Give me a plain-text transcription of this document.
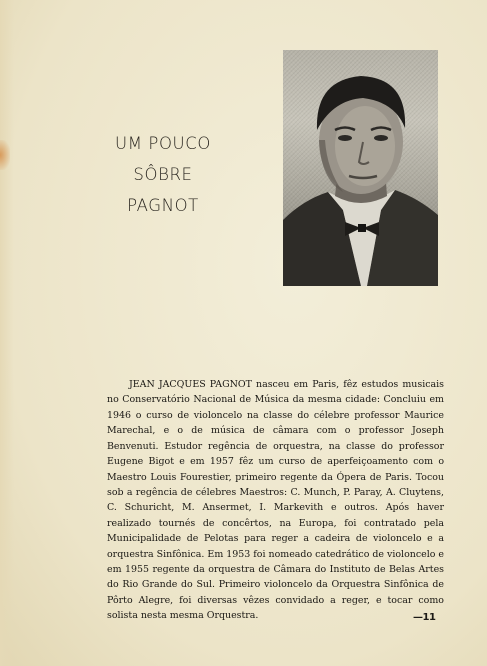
UM POUCO
SÔBRE
PAGNOT
JEAN JACQUES PAGNOT nasceu em Paris, fêz estudos musicais no Conservatório Nacional de Música da mesma cidade: Concluiu em 1946 o curso de violoncelo na classe do célebre professor Maurice Marechal, e o de música de câmara com o professor Joseph Benvenuti. Estudor regência de orquestra, na classe do professor Eugene Bigot e em 1957 fêz um curso de aperfeiçoamento com o Maestro Louis Fourestier, primeiro regente da Ópera de Paris. Tocou sob a regência de célebres Maestros: C. Munch, P. Paray, A. Cluytens, C. Schuricht, M. Ansermet, I. Markevith e outros. Após haver realizado tournés de concêrtos, na Europa, foi contratado pela Municipalidade de Pelotas para reger a cadeira de violoncelo e a orquestra Sinfônica. Em 1953 foi nomeado catedrático de violoncelo e em 1955 regente da orquestra de Câmara do Instituto de Belas Artes do Rio Grande do Sul. Primeiro violoncelo da Orquestra Sinfônica de Pôrto Alegre, foi diversas vêzes convidado a reger, e tocar como solista nesta mesma Orquestra.	—11
